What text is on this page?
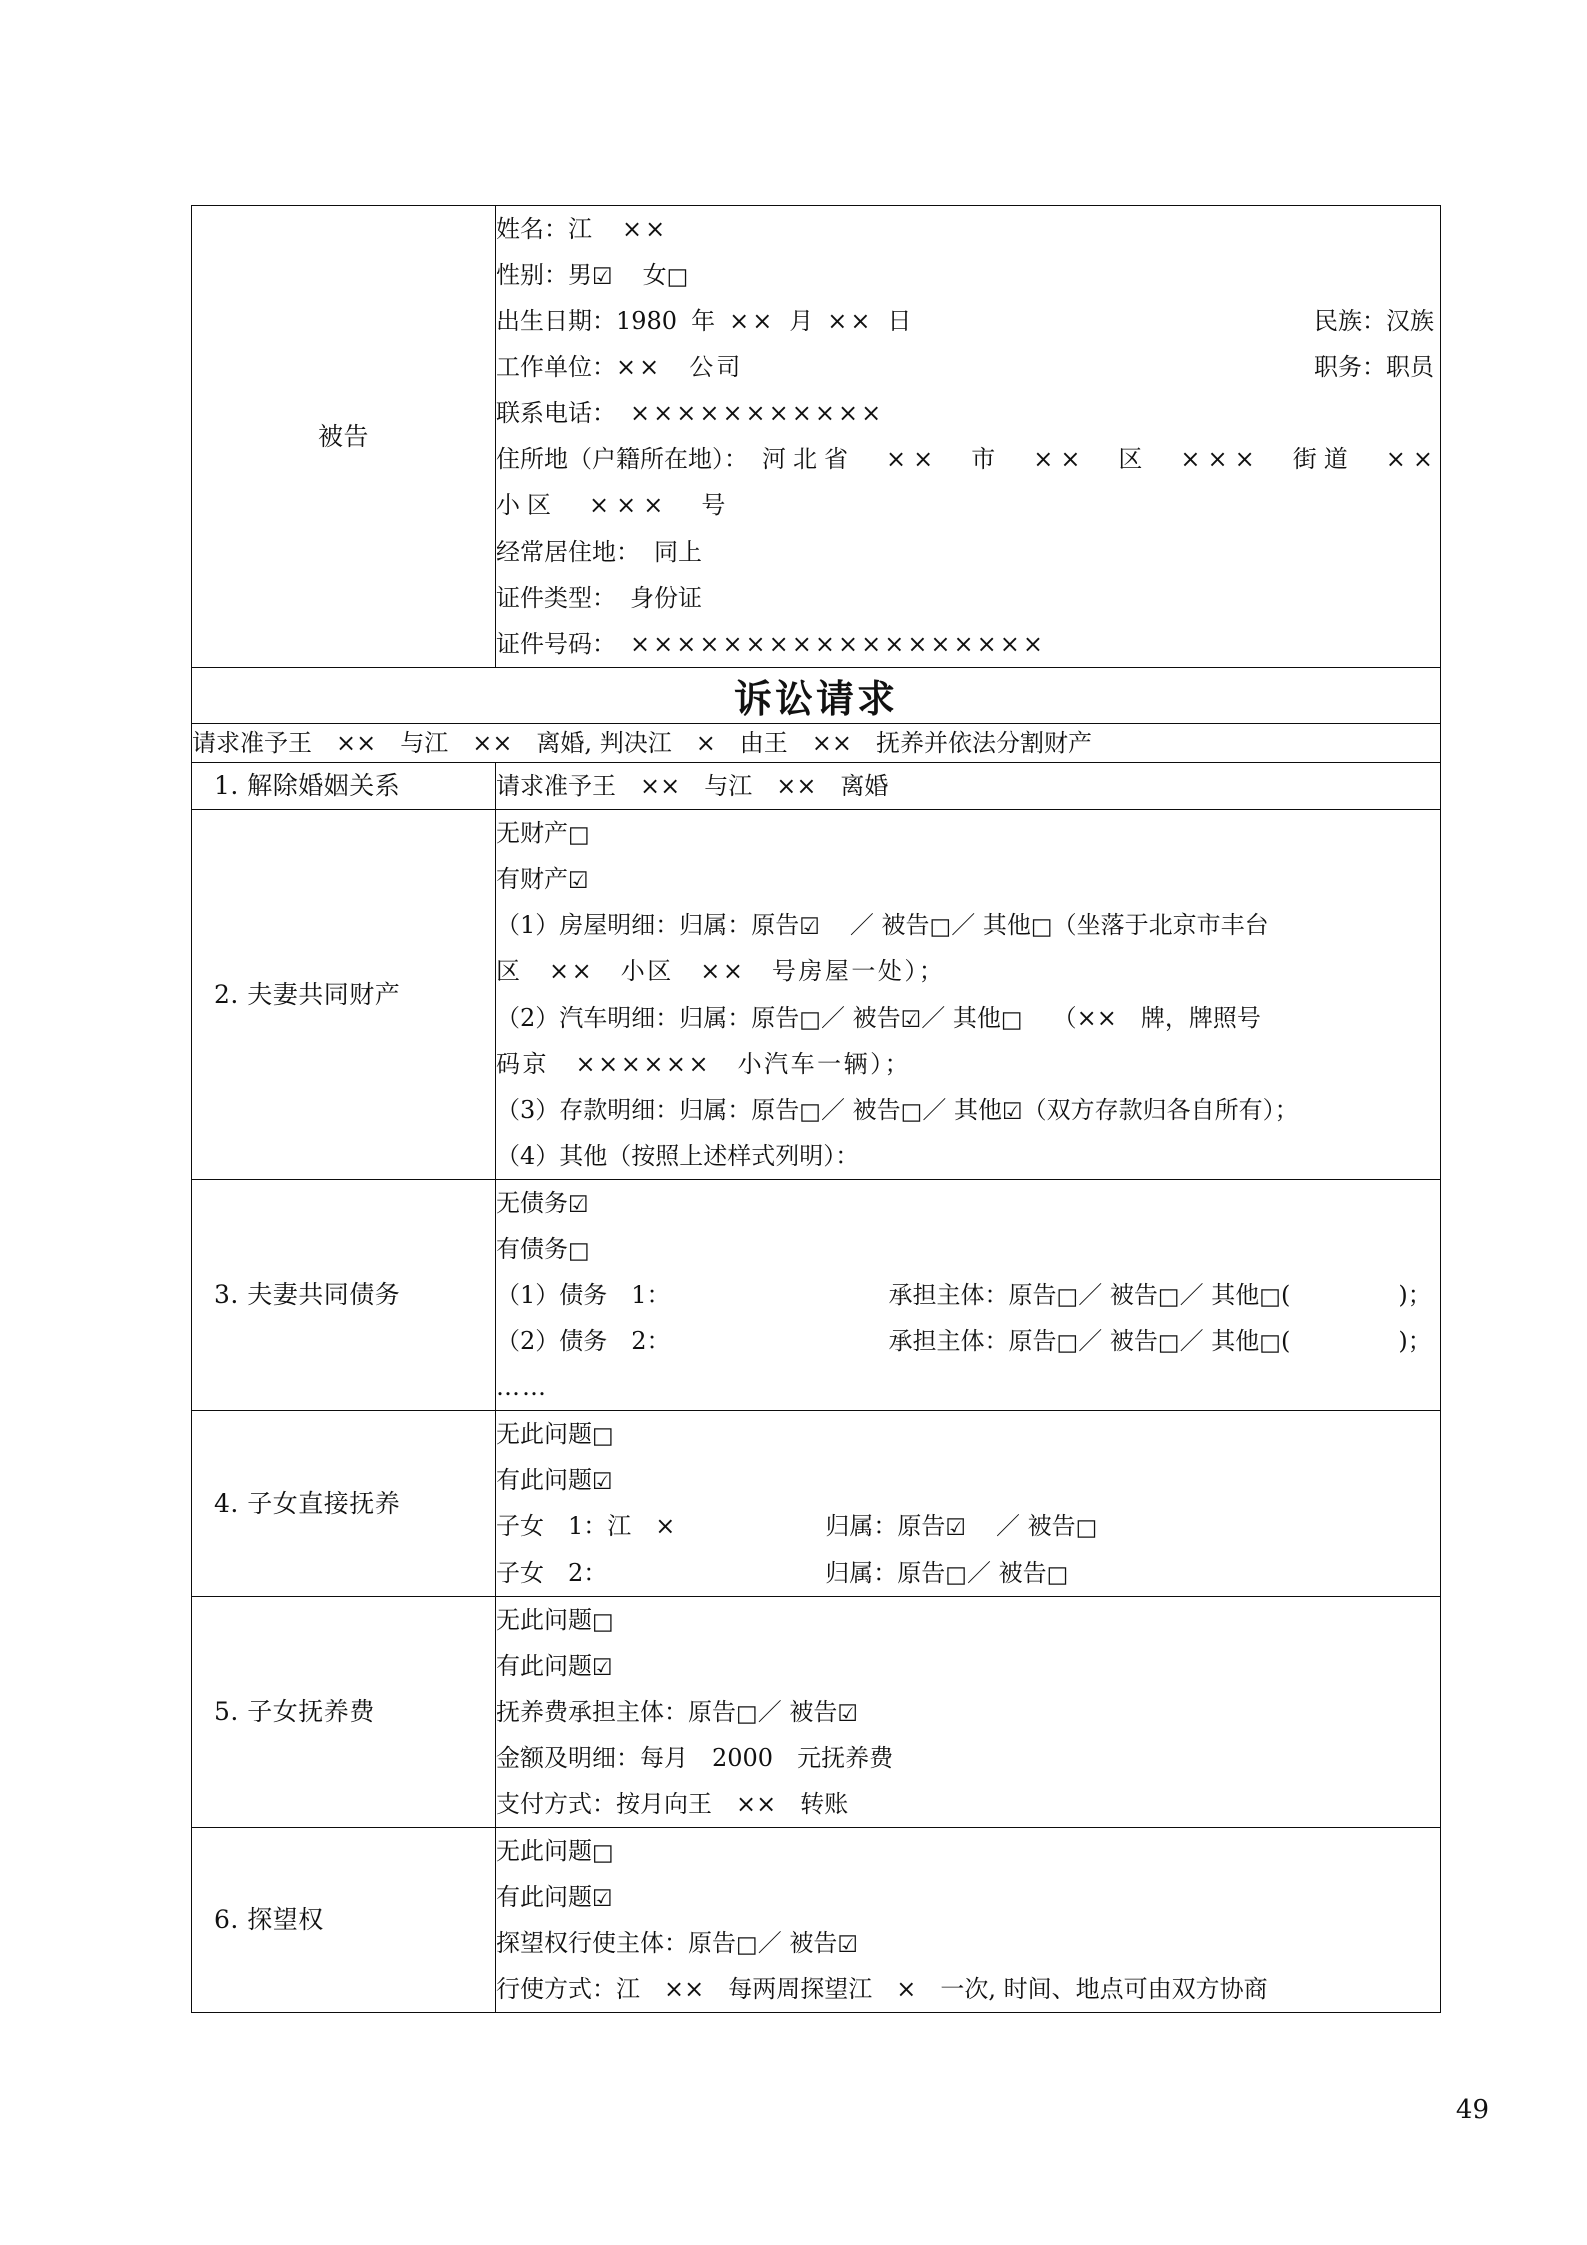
被告	
姓名：江　××
性别：男☑ 女□
出生日期：1980 年 ×× 月 ×× 日	民族：汉族
工作单位：××　公司	职务：职员
联系电话： ×××××××××××
住所地（户籍所在地）： 河北省　××　市　××　区　×××　街道　××
小区　×××　号
经常居住地： 同上
证件类型： 身份证
证件号码： ××××××××××××××××××

诉讼请求	
请求准予王　××　与江　××　离婚, 判决江　×　由王　××　抚养并依法分割财产	
1. 解除婚姻关系	请求准予王　××　与江　××　离婚

2. 夫妻共同财产	
无财产□
有财产☑
（1）房屋明细：归属：原告☑ ／ 被告□／ 其他□（坐落于北京市丰台
区　××　小区　××　号房屋一处）；
（2）汽车明细：归属：原告□／ 被告☑／ 其他□ （××　牌，牌照号
码京　××××××　小汽车一辆）；
（3）存款明细：归属：原告□／ 被告□／ 其他☑（双方存款归各自所有）；
（4）其他（按照上述样式列明）：

3. 夫妻共同债务	无债务☑
有债务□
（1）债务　1： 承担主体：原告□／ 被告□／ 其他□( )；
（2）债务　2： 承担主体：原告□／ 被告□／ 其他□( )；
……

4. 子女直接抚养	无此问题□
有此问题☑
子女　1：江　× 归属：原告☑ ／ 被告□
子女　2： 归属：原告□／ 被告□

5. 子女抚养费	无此问题□
有此问题☑
抚养费承担主体：原告□／ 被告☑
金额及明细：每月　2000　元抚养费
支付方式：按月向王　××　转账

6. 探望权	无此问题□
有此问题☑
探望权行使主体：原告□／ 被告☑
行使方式：江　××　每两周探望江　×　一次, 时间、地点可由双方协商
49
